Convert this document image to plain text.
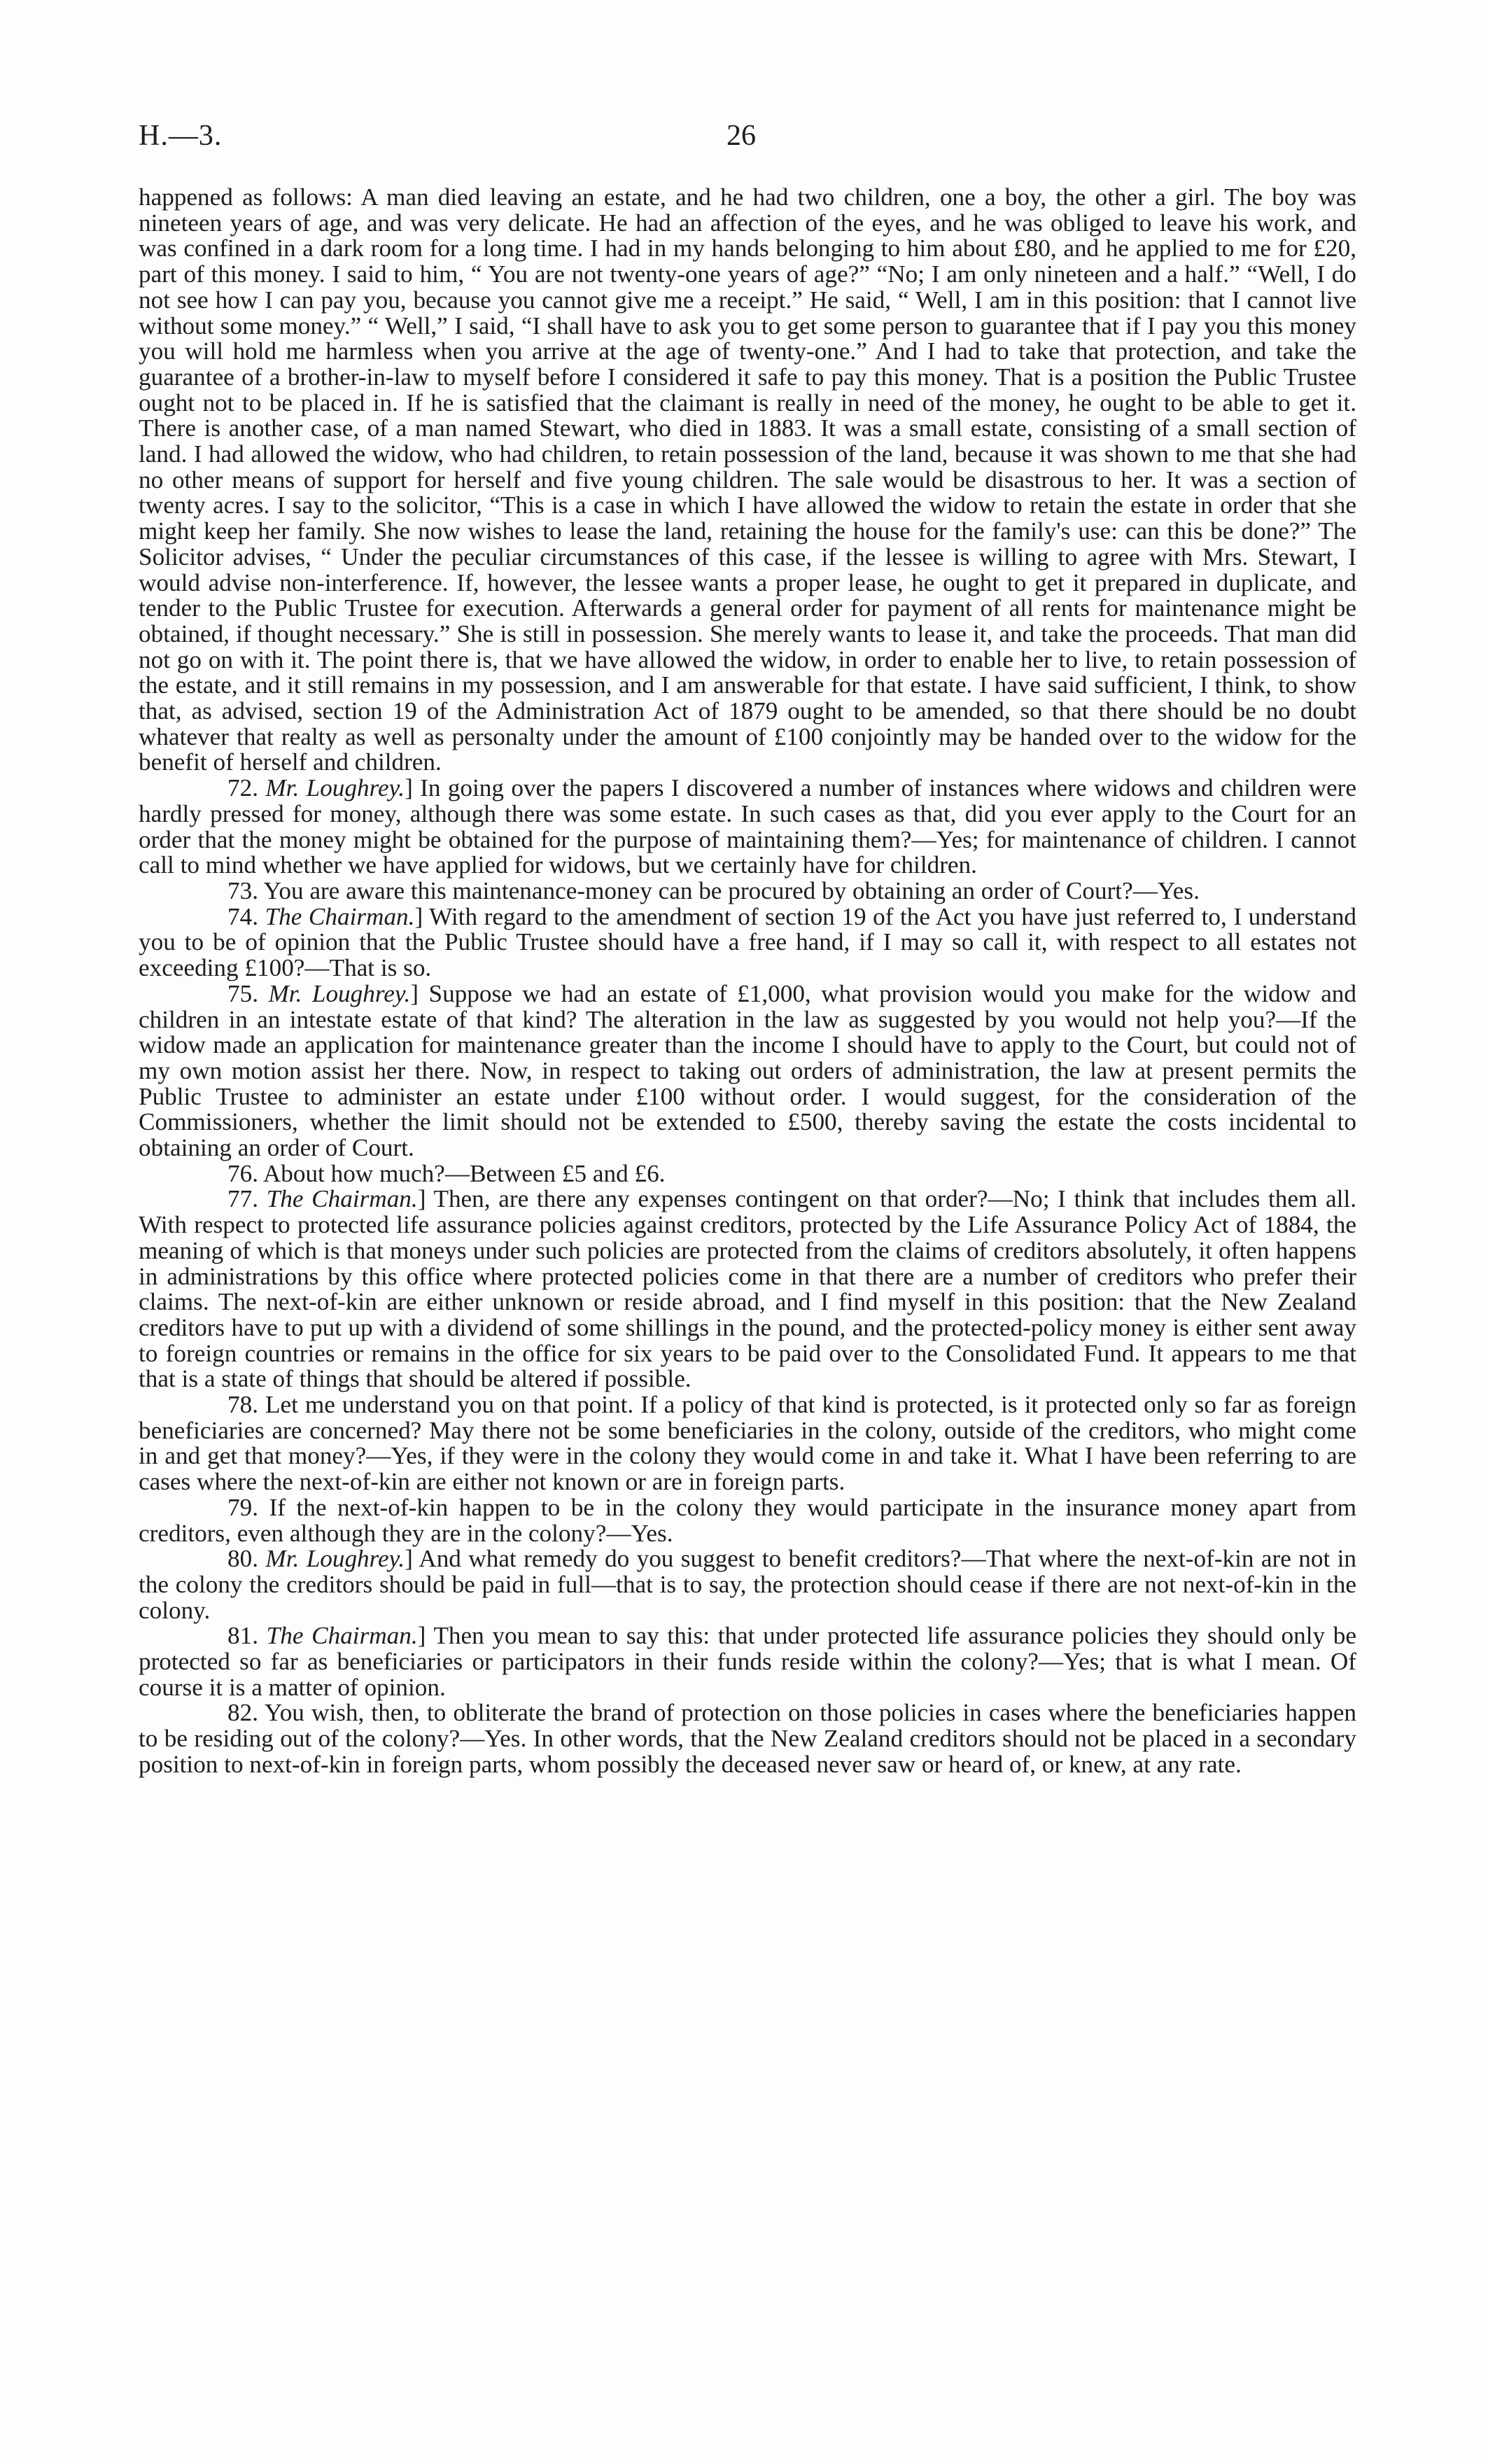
H.—3.	26

happened as follows: A man died leaving an estate, and he had two children, one a boy, the other a girl. The boy was nineteen years of age, and was very delicate. He had an affection of the eyes, and he was obliged to leave his work, and was confined in a dark room for a long time. I had in my hands belonging to him about £80, and he applied to me for £20, part of this money. I said to him, “ You are not twenty-one years of age?” “No; I am only nineteen and a half.” “Well, I do not see how I can pay you, because you cannot give me a receipt.” He said, “ Well, I am in this position: that I cannot live without some money.” “ Well,” I said, “I shall have to ask you to get some person to guarantee that if I pay you this money you will hold me harmless when you arrive at the age of twenty-one.” And I had to take that protection, and take the guarantee of a brother-in-law to myself before I considered it safe to pay this money. That is a position the Public Trustee ought not to be placed in. If he is satisfied that the claimant is really in need of the money, he ought to be able to get it. There is another case, of a man named Stewart, who died in 1883. It was a small estate, consisting of a small section of land. I had allowed the widow, who had children, to retain possession of the land, because it was shown to me that she had no other means of support for herself and five young children. The sale would be disastrous to her. It was a section of twenty acres. I say to the solicitor, “This is a case in which I have allowed the widow to retain the estate in order that she might keep her family. She now wishes to lease the land, retaining the house for the family's use: can this be done?” The Solicitor advises, “ Under the peculiar circumstances of this case, if the lessee is willing to agree with Mrs. Stewart, I would advise non-interference. If, however, the lessee wants a proper lease, he ought to get it prepared in duplicate, and tender to the Public Trustee for execution. Afterwards a general order for payment of all rents for maintenance might be obtained, if thought necessary.” She is still in possession. She merely wants to lease it, and take the proceeds. That man did not go on with it. The point there is, that we have allowed the widow, in order to enable her to live, to retain possession of the estate, and it still remains in my possession, and I am answerable for that estate. I have said sufficient, I think, to show that, as advised, section 19 of the Administration Act of 1879 ought to be amended, so that there should be no doubt whatever that realty as well as personalty under the amount of £100 conjointly may be handed over to the widow for the benefit of herself and children.

72. Mr. Loughrey.] In going over the papers I discovered a number of instances where widows and children were hardly pressed for money, although there was some estate. In such cases as that, did you ever apply to the Court for an order that the money might be obtained for the purpose of maintaining them?—Yes; for maintenance of children. I cannot call to mind whether we have applied for widows, but we certainly have for children.

73. You are aware this maintenance-money can be procured by obtaining an order of Court?—Yes.

74. The Chairman.] With regard to the amendment of section 19 of the Act you have just referred to, I understand you to be of opinion that the Public Trustee should have a free hand, if I may so call it, with respect to all estates not exceeding £100?—That is so.

75. Mr. Loughrey.] Suppose we had an estate of £1,000, what provision would you make for the widow and children in an intestate estate of that kind? The alteration in the law as suggested by you would not help you?—If the widow made an application for maintenance greater than the income I should have to apply to the Court, but could not of my own motion assist her there. Now, in respect to taking out orders of administration, the law at present permits the Public Trustee to administer an estate under £100 without order. I would suggest, for the consideration of the Commissioners, whether the limit should not be extended to £500, thereby saving the estate the costs incidental to obtaining an order of Court.

76. About how much?—Between £5 and £6.

77. The Chairman.] Then, are there any expenses contingent on that order?—No; I think that includes them all. With respect to protected life assurance policies against creditors, protected by the Life Assurance Policy Act of 1884, the meaning of which is that moneys under such policies are protected from the claims of creditors absolutely, it often happens in administrations by this office where protected policies come in that there are a number of creditors who prefer their claims. The next-of-kin are either unknown or reside abroad, and I find myself in this position: that the New Zealand creditors have to put up with a dividend of some shillings in the pound, and the protected-policy money is either sent away to foreign countries or remains in the office for six years to be paid over to the Consolidated Fund. It appears to me that that is a state of things that should be altered if possible.

78. Let me understand you on that point. If a policy of that kind is protected, is it protected only so far as foreign beneficiaries are concerned? May there not be some beneficiaries in the colony, outside of the creditors, who might come in and get that money?—Yes, if they were in the colony they would come in and take it. What I have been referring to are cases where the next-of-kin are either not known or are in foreign parts.

79. If the next-of-kin happen to be in the colony they would participate in the insurance money apart from creditors, even although they are in the colony?—Yes.

80. Mr. Loughrey.] And what remedy do you suggest to benefit creditors?—That where the next-of-kin are not in the colony the creditors should be paid in full—that is to say, the protection should cease if there are not next-of-kin in the colony.

81. The Chairman.] Then you mean to say this: that under protected life assurance policies they should only be protected so far as beneficiaries or participators in their funds reside within the colony?—Yes; that is what I mean. Of course it is a matter of opinion.

82. You wish, then, to obliterate the brand of protection on those policies in cases where the beneficiaries happen to be residing out of the colony?—Yes. In other words, that the New Zealand creditors should not be placed in a secondary position to next-of-kin in foreign parts, whom possibly the deceased never saw or heard of, or knew, at any rate.
